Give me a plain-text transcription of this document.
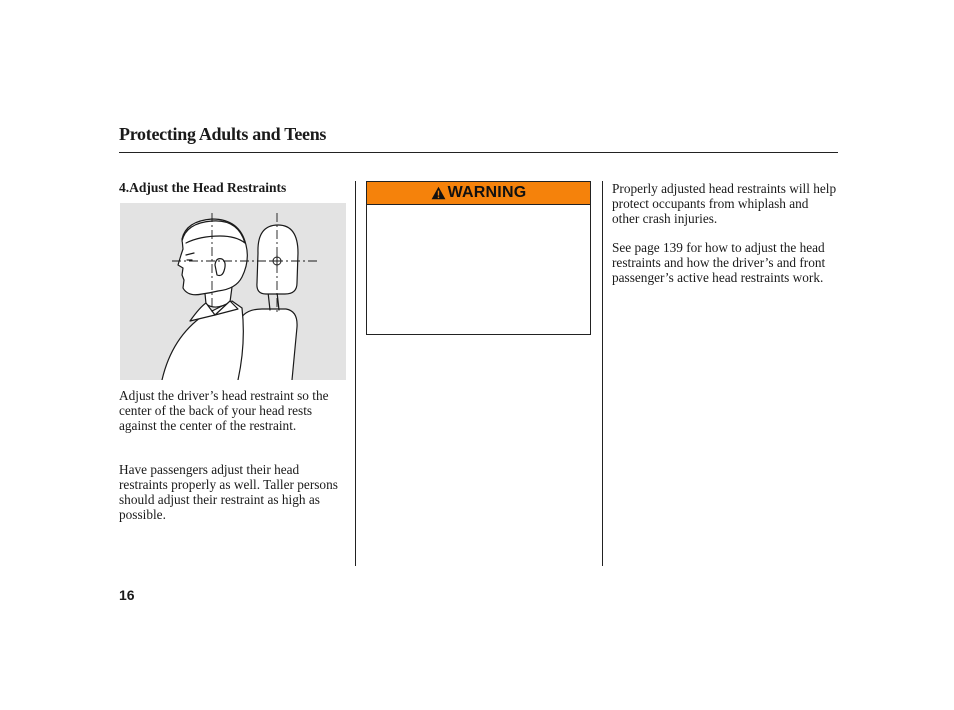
Protecting Adults and Teens
4.Adjust the Head Restraints

Adjust the driver’s head restraint so the center of the back of your head rests against the center of the restraint.

Have passengers adjust their head restraints properly as well. Taller persons should adjust their restraint as high as possible.

WARNING	Properly adjusted head restraints will help protect occupants from whiplash and other crash injuries.

See page 139 for how to adjust the head restraints and how the driver’s and front passenger’s active head restraints work.

16
